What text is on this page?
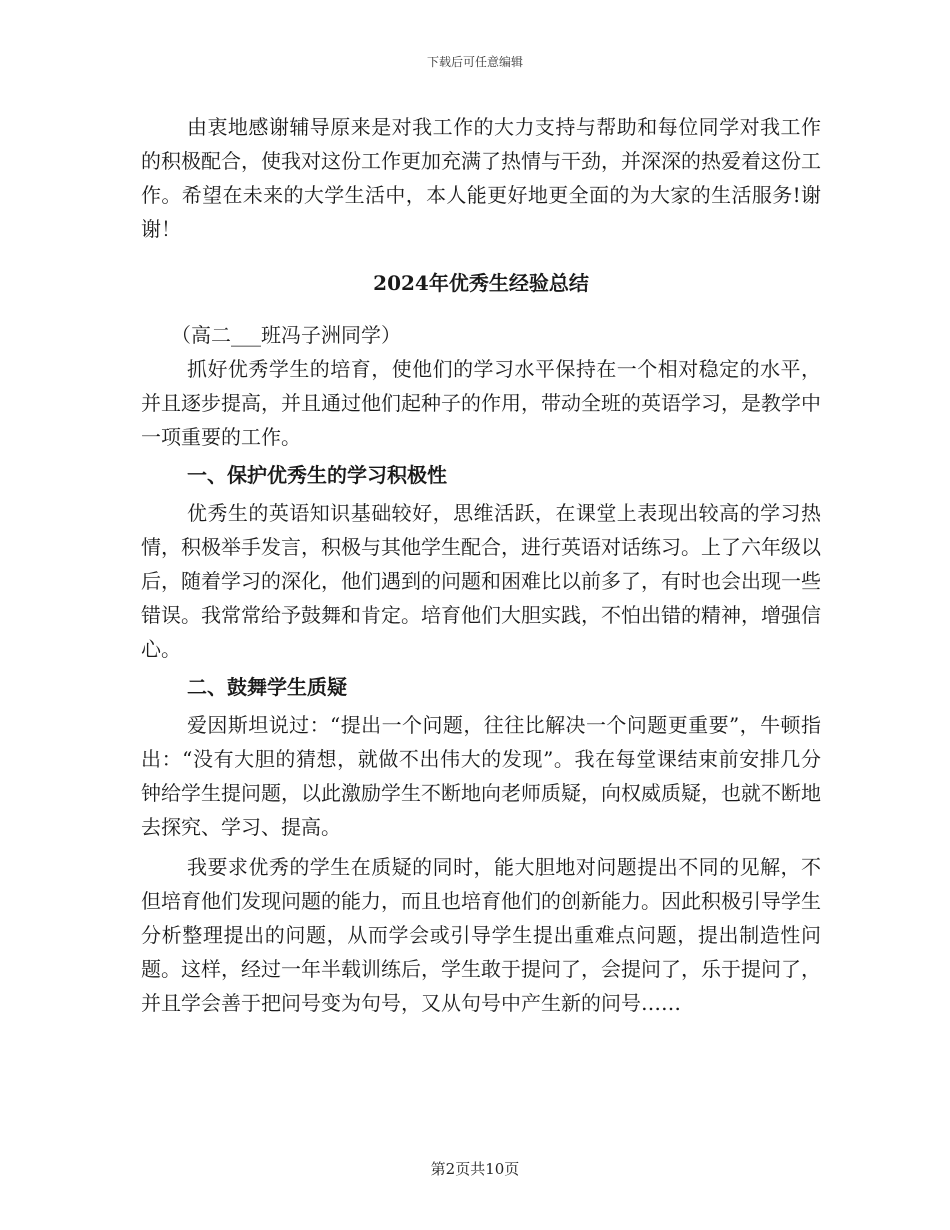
下载后可任意编辑

由衷地感谢辅导原来是对我工作的大力支持与帮助和每位同学对我工作的积极配合，使我对这份工作更加充满了热情与干劲，并深深的热爱着这份工作。希望在未来的大学生活中，本人能更好地更全面的为大家的生活服务!谢谢！

2024年优秀生经验总结

（高二___班冯子洲同学）

抓好优秀学生的培育，使他们的学习水平保持在一个相对稳定的水平，并且逐步提高，并且通过他们起种子的作用，带动全班的英语学习，是教学中一项重要的工作。

一、保护优秀生的学习积极性

优秀生的英语知识基础较好，思维活跃，在课堂上表现出较高的学习热情，积极举手发言，积极与其他学生配合，进行英语对话练习。上了六年级以后，随着学习的深化，他们遇到的问题和困难比以前多了，有时也会出现一些错误。我常常给予鼓舞和肯定。培育他们大胆实践，不怕出错的精神，增强信心。

二、鼓舞学生质疑

爱因斯坦说过：“提出一个问题，往往比解决一个问题更重要”，牛顿指出：“没有大胆的猜想，就做不出伟大的发现”。我在每堂课结束前安排几分钟给学生提问题，以此激励学生不断地向老师质疑，向权威质疑，也就不断地去探究、学习、提高。

我要求优秀的学生在质疑的同时，能大胆地对问题提出不同的见解，不但培育他们发现问题的能力，而且也培育他们的创新能力。因此积极引导学生分析整理提出的问题，从而学会或引导学生提出重难点问题，提出制造性问题。这样，经过一年半载训练后，学生敢于提问了，会提问了，乐于提问了，并且学会善于把问号变为句号，又从句号中产生新的问号……

第2页共10页
